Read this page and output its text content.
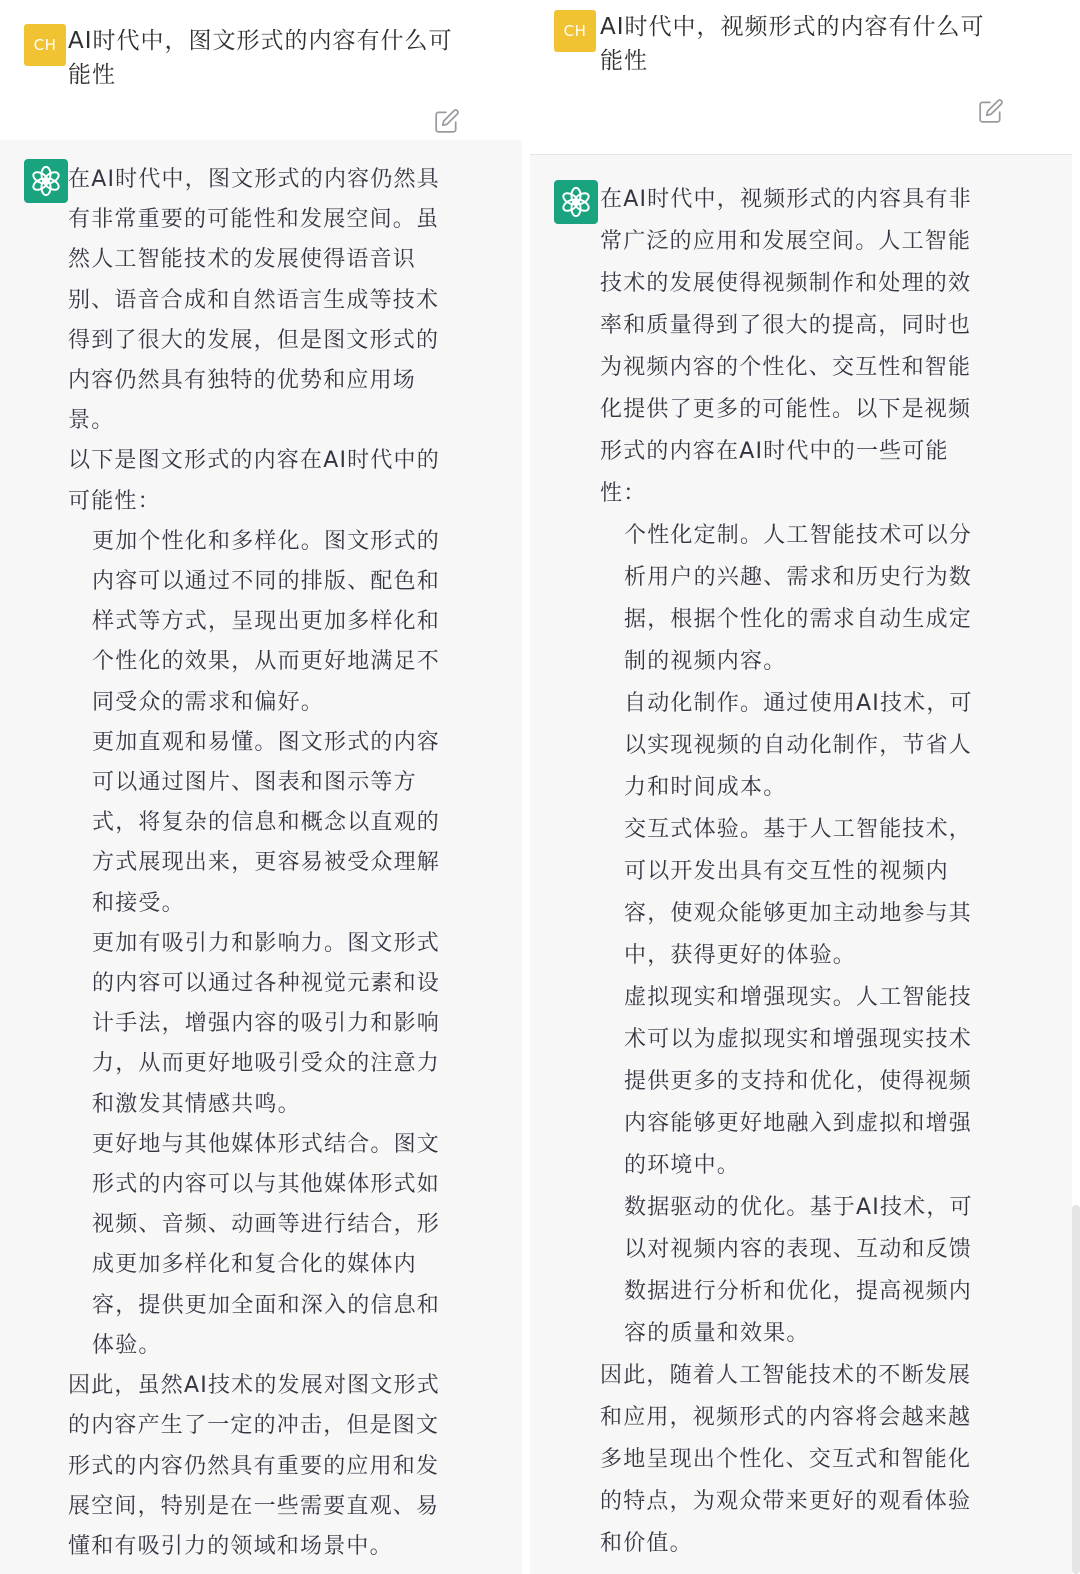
CH AI时代中，图文形式的内容有什么可能性

在AI时代中，图文形式的内容仍然具有非常重要的可能性和发展空间。虽然人工智能技术的发展使得语音识别、语音合成和自然语言生成等技术得到了很大的发展，但是图文形式的内容仍然具有独特的优势和应用场景。

以下是图文形式的内容在AI时代中的可能性：

更加个性化和多样化。图文形式的内容可以通过不同的排版、配色和样式等方式，呈现出更加多样化和个性化的效果，从而更好地满足不同受众的需求和偏好。

更加直观和易懂。图文形式的内容可以通过图片、图表和图示等方式，将复杂的信息和概念以直观的方式展现出来，更容易被受众理解和接受。

更加有吸引力和影响力。图文形式的内容可以通过各种视觉元素和设计手法，增强内容的吸引力和影响力，从而更好地吸引受众的注意力和激发其情感共鸣。

更好地与其他媒体形式结合。图文形式的内容可以与其他媒体形式如视频、音频、动画等进行结合，形成更加多样化和复合化的媒体内容，提供更加全面和深入的信息和体验。

因此，虽然AI技术的发展对图文形式的内容产生了一定的冲击，但是图文形式的内容仍然具有重要的应用和发展空间，特别是在一些需要直观、易懂和有吸引力的领域和场景中。

CH AI时代中，视频形式的内容有什么可能性

在AI时代中，视频形式的内容具有非常广泛的应用和发展空间。人工智能技术的发展使得视频制作和处理的效率和质量得到了很大的提高，同时也为视频内容的个性化、交互性和智能化提供了更多的可能性。以下是视频形式的内容在AI时代中的一些可能性：

个性化定制。人工智能技术可以分析用户的兴趣、需求和历史行为数据，根据个性化的需求自动生成定制的视频内容。

自动化制作。通过使用AI技术，可以实现视频的自动化制作，节省人力和时间成本。

交互式体验。基于人工智能技术，可以开发出具有交互性的视频内容，使观众能够更加主动地参与其中，获得更好的体验。

虚拟现实和增强现实。人工智能技术可以为虚拟现实和增强现实技术提供更多的支持和优化，使得视频内容能够更好地融入到虚拟和增强的环境中。

数据驱动的优化。基于AI技术，可以对视频内容的表现、互动和反馈数据进行分析和优化，提高视频内容的质量和效果。

因此，随着人工智能技术的不断发展和应用，视频形式的内容将会越来越多地呈现出个性化、交互式和智能化的特点，为观众带来更好的观看体验和价值。
